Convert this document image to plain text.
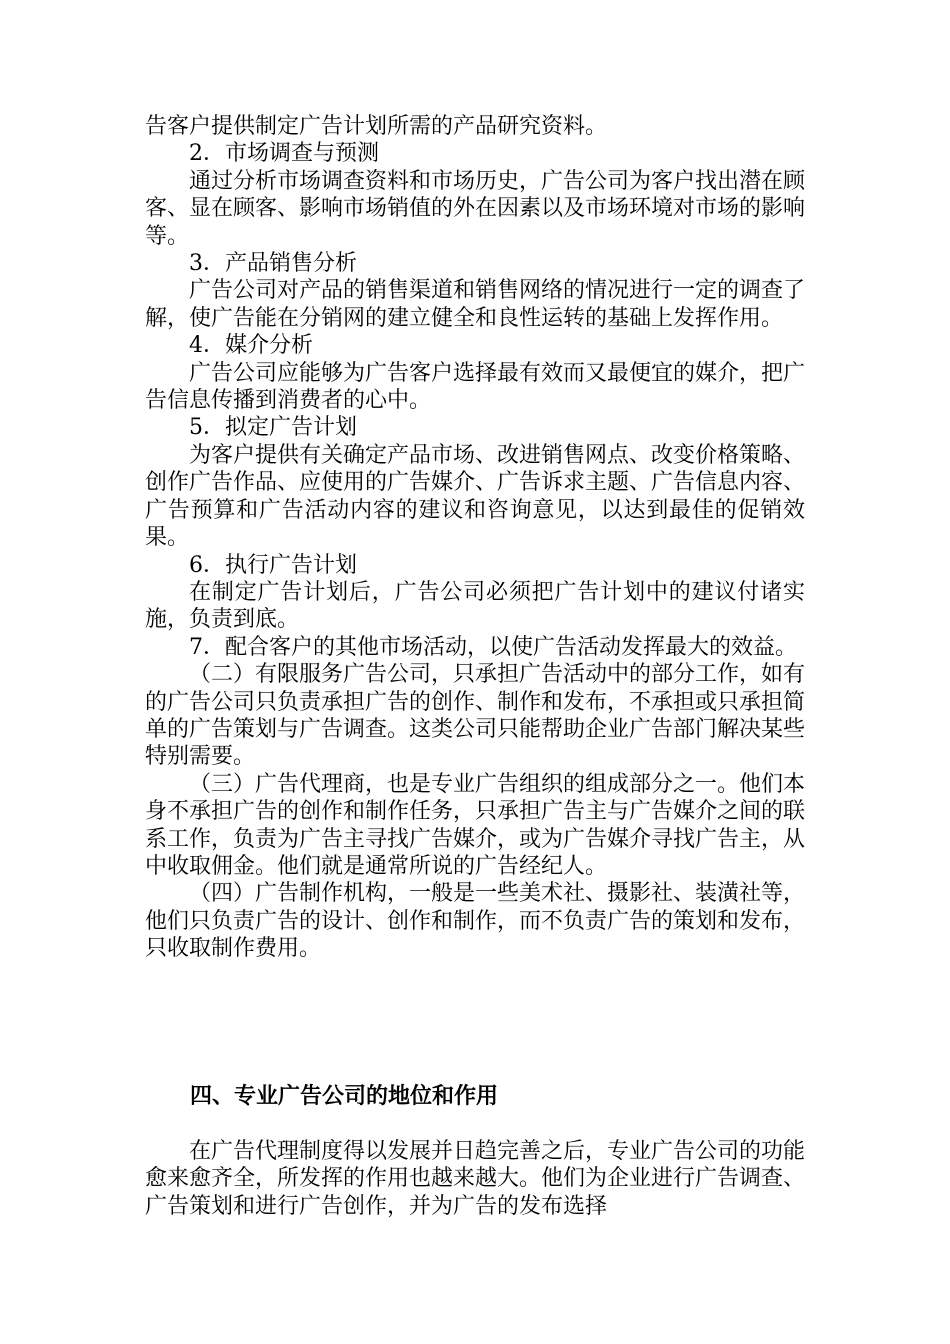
告客户提供制定广告计划所需的产品研究资料。

2．市场调查与预测

通过分析市场调查资料和市场历史，广告公司为客户找出潜在顾客、显在顾客、影响市场销值的外在因素以及市场环境对市场的影响等。

3．产品销售分析

广告公司对产品的销售渠道和销售网络的情况进行一定的调查了解，使广告能在分销网的建立健全和良性运转的基础上发挥作用。

4．媒介分析

广告公司应能够为广告客户选择最有效而又最便宜的媒介，把广告信息传播到消费者的心中。

5．拟定广告计划

为客户提供有关确定产品市场、改进销售网点、改变价格策略、创作广告作品、应使用的广告媒介、广告诉求主题、广告信息内容、广告预算和广告活动内容的建议和咨询意见，以达到最佳的促销效果。

6．执行广告计划

在制定广告计划后，广告公司必须把广告计划中的建议付诸实施，负责到底。

7．配合客户的其他市场活动，以使广告活动发挥最大的效益。

（二）有限服务广告公司，只承担广告活动中的部分工作，如有的广告公司只负责承担广告的创作、制作和发布，不承担或只承担简单的广告策划与广告调查。这类公司只能帮助企业广告部门解决某些特别需要。

（三）广告代理商，也是专业广告组织的组成部分之一。他们本身不承担广告的创作和制作任务，只承担广告主与广告媒介之间的联系工作，负责为广告主寻找广告媒介，或为广告媒介寻找广告主，从中收取佣金。他们就是通常所说的广告经纪人。

（四）广告制作机构，一般是一些美术社、摄影社、装潢社等，他们只负责广告的设计、创作和制作，而不负责广告的策划和发布，只收取制作费用。

四、专业广告公司的地位和作用

在广告代理制度得以发展并日趋完善之后，专业广告公司的功能愈来愈齐全，所发挥的作用也越来越大。他们为企业进行广告调查、广告策划和进行广告创作，并为广告的发布选择
